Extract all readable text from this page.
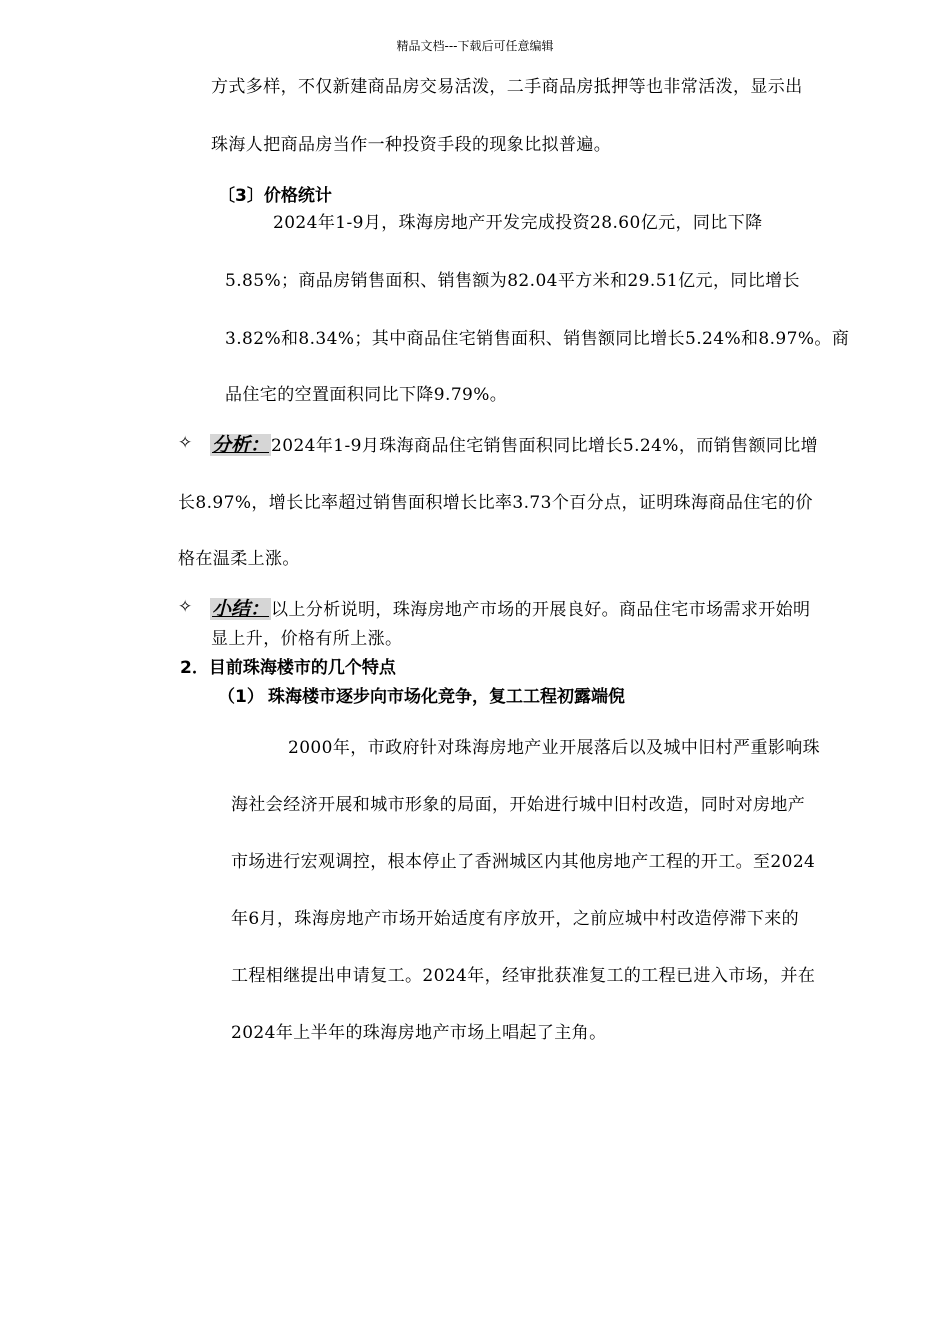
精品文档---下载后可任意编辑
方式多样，不仅新建商品房交易活泼，二手商品房抵押等也非常活泼，显示出
珠海人把商品房当作一种投资手段的现象比拟普遍。
〔3〕价格统计
2024年1-9月，珠海房地产开发完成投资28.60亿元，同比下降
5.85%；商品房销售面积、销售额为82.04平方米和29.51亿元，同比增长
3.82%和8.34%；其中商品住宅销售面积、销售额同比增长5.24%和8.97%。商
品住宅的空置面积同比下降9.79%。
✧ 分析： 2024年1-9月珠海商品住宅销售面积同比增长5.24%，而销售额同比增
长8.97%，增长比率超过销售面积增长比率3.73个百分点，证明珠海商品住宅的价
格在温柔上涨。
✧ 小结： 以上分析说明，珠海房地产市场的开展良好。商品住宅市场需求开始明
显上升，价格有所上涨。
2．目前珠海楼市的几个特点
（1） 珠海楼市逐步向市场化竞争，复工工程初露端倪
2000年，市政府针对珠海房地产业开展落后以及城中旧村严重影响珠
海社会经济开展和城市形象的局面，开始进行城中旧村改造，同时对房地产
市场进行宏观调控，根本停止了香洲城区内其他房地产工程的开工。至2024
年6月，珠海房地产市场开始适度有序放开，之前应城中村改造停滞下来的
工程相继提出申请复工。2024年，经审批获准复工的工程已进入市场，并在
2024年上半年的珠海房地产市场上唱起了主角。
